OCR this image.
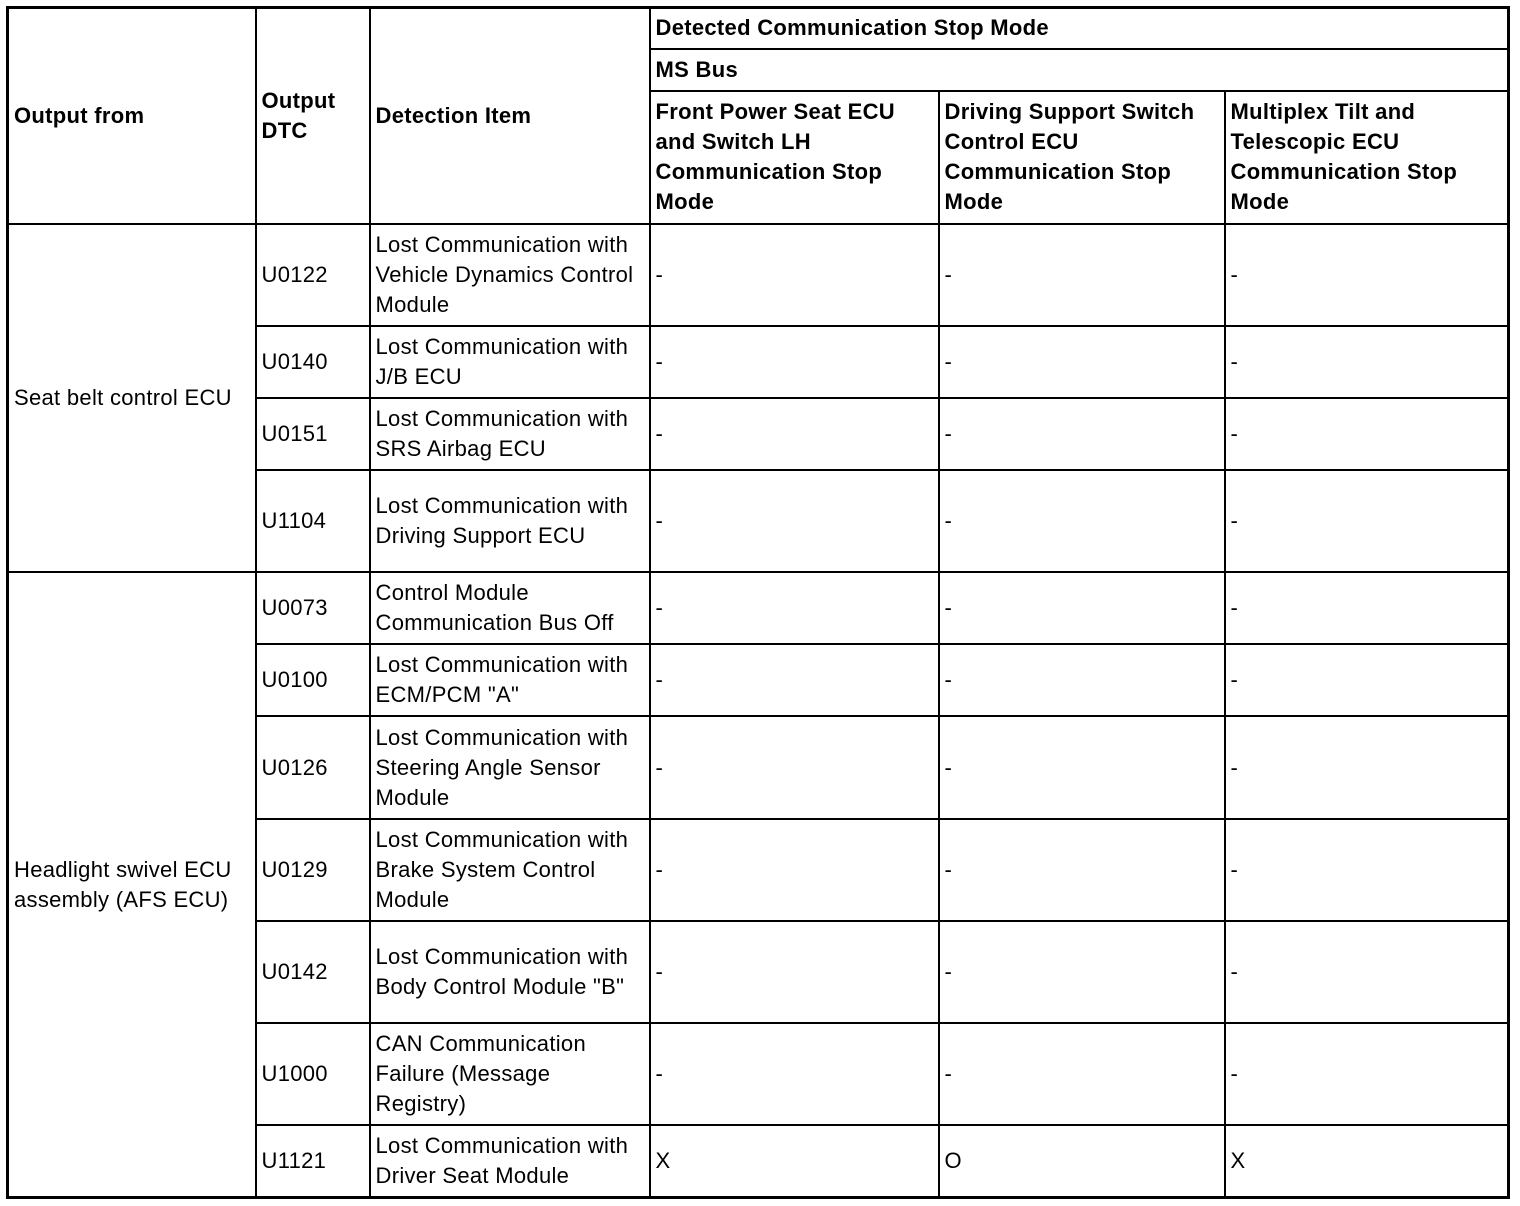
Output from	Output DTC	Detection Item	Detected Communication Stop Mode		
			MS Bus		
			Front Power Seat ECU and Switch LH Communication Stop Mode	Driving Support Switch Control ECU Communication Stop Mode	Multiplex Tilt and Telescopic ECU Communication Stop Mode
Seat belt control ECU	U0122	Lost Communication with Vehicle Dynamics Control Module	-	-	-
	U0140	Lost Communication with J/B ECU	-	-	-
	U0151	Lost Communication with SRS Airbag ECU	-	-	-
	U1104	Lost Communication with Driving Support ECU	-	-	-
Headlight swivel ECU assembly (AFS ECU)	U0073	Control Module Communication Bus Off	-	-	-
	U0100	Lost Communication with ECM/PCM "A"	-	-	-
	U0126	Lost Communication with Steering Angle Sensor Module	-	-	-
	U0129	Lost Communication with Brake System Control Module	-	-	-
	U0142	Lost Communication with Body Control Module "B"	-	-	-
	U1000	CAN Communication Failure (Message Registry)	-	-	-
	U1121	Lost Communication with Driver Seat Module	X	O	X
